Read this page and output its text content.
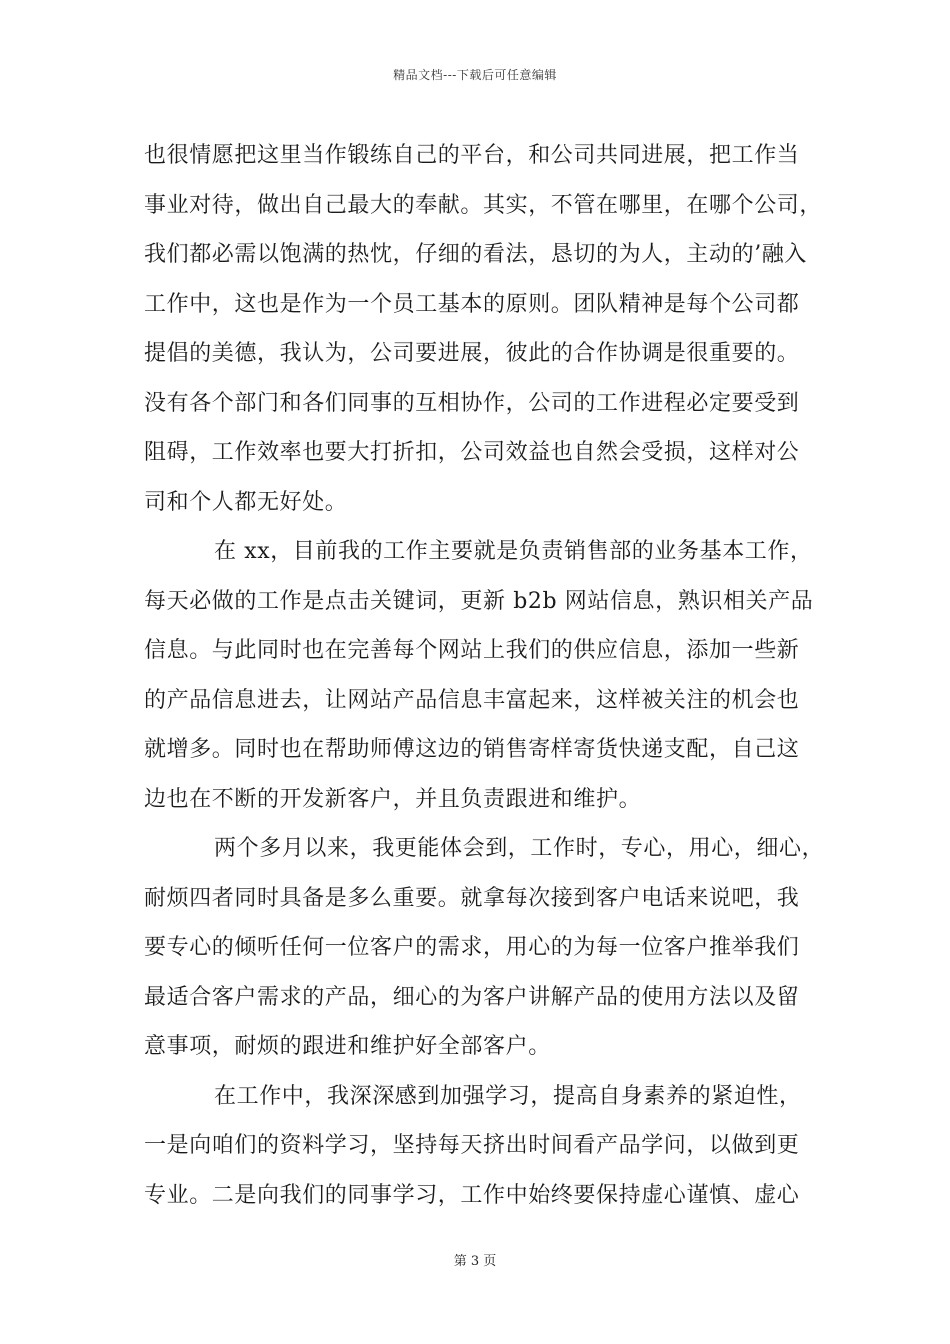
精品文档---下载后可任意编辑
也很情愿把这里当作锻练自己的平台，和公司共同进展，把工作当
事业对待，做出自己最大的奉献。其实，不管在哪里，在哪个公司，
我们都必需以饱满的热忱，仔细的看法，恳切的为人，主动的’融入
工作中，这也是作为一个员工基本的原则。团队精神是每个公司都
提倡的美德，我认为，公司要进展，彼此的合作协调是很重要的。
没有各个部门和各们同事的互相协作，公司的工作进程必定要受到
阻碍，工作效率也要大打折扣，公司效益也自然会受损，这样对公
司和个人都无好处。
在 xx，目前我的工作主要就是负责销售部的业务基本工作，
每天必做的工作是点击关键词，更新 b2b 网站信息，熟识相关产品
信息。与此同时也在完善每个网站上我们的供应信息，添加一些新
的产品信息进去，让网站产品信息丰富起来，这样被关注的机会也
就增多。同时也在帮助师傅这边的销售寄样寄货快递支配，自己这
边也在不断的开发新客户，并且负责跟进和维护。
两个多月以来，我更能体会到，工作时，专心，用心，细心，
耐烦四者同时具备是多么重要。就拿每次接到客户电话来说吧，我
要专心的倾听任何一位客户的需求，用心的为每一位客户推举我们
最适合客户需求的产品，细心的为客户讲解产品的使用方法以及留
意事项，耐烦的跟进和维护好全部客户。
在工作中，我深深感到加强学习，提高自身素养的紧迫性，
一是向咱们的资料学习，坚持每天挤出时间看产品学问，以做到更
专业。二是向我们的同事学习，工作中始终要保持虚心谨慎、虚心
第 3 页
